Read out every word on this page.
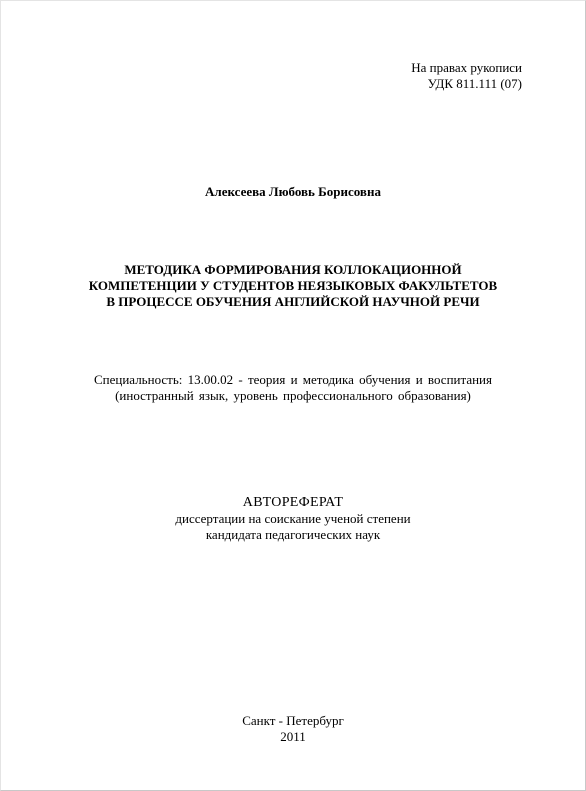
На правах рукописи
УДК 811.111 (07)
Алексеева Любовь Борисовна
МЕТОДИКА ФОРМИРОВАНИЯ КОЛЛОКАЦИОННОЙ
КОМПЕТЕНЦИИ У СТУДЕНТОВ НЕЯЗЫКОВЫХ ФАКУЛЬТЕТОВ
В ПРОЦЕССЕ ОБУЧЕНИЯ АНГЛИЙСКОЙ НАУЧНОЙ РЕЧИ
Специальность: 13.00.02 - теория и методика обучения и воспитания
(иностранный язык, уровень профессионального образования)
АВТОРЕФЕРАТ
диссертации на соискание ученой степени
кандидата педагогических наук
Санкт - Петербург
2011
